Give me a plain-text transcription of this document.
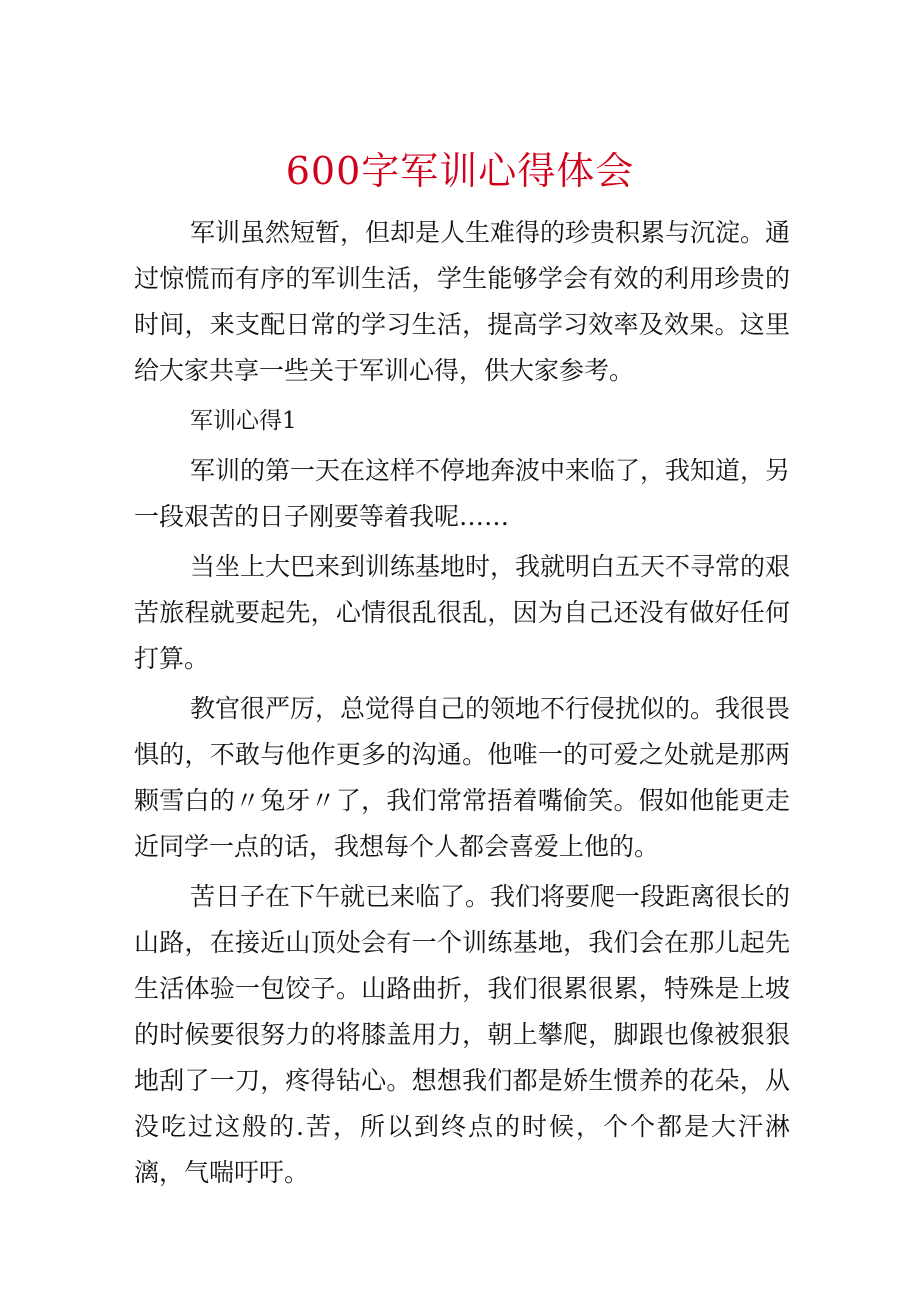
600字军训心得体会

军训虽然短暂，但却是人生难得的珍贵积累与沉淀。通过惊慌而有序的军训生活，学生能够学会有效的利用珍贵的时间，来支配日常的学习生活，提高学习效率及效果。这里给大家共享一些关于军训心得，供大家参考。

军训心得1

军训的第一天在这样不停地奔波中来临了，我知道，另一段艰苦的日子刚要等着我呢……

当坐上大巴来到训练基地时，我就明白五天不寻常的艰苦旅程就要起先，心情很乱很乱，因为自己还没有做好任何打算。

教官很严厉，总觉得自己的领地不行侵扰似的。我很畏惧的，不敢与他作更多的沟通。他唯一的可爱之处就是那两颗雪白的〃兔牙〃了，我们常常捂着嘴偷笑。假如他能更走近同学一点的话，我想每个人都会喜爱上他的。

苦日子在下午就已来临了。我们将要爬一段距离很长的山路，在接近山顶处会有一个训练基地，我们会在那儿起先生活体验一包饺子。山路曲折，我们很累很累，特殊是上坡的时候要很努力的将膝盖用力，朝上攀爬，脚跟也像被狠狠地刮了一刀，疼得钻心。想想我们都是娇生惯养的花朵，从没吃过这般的.苦，所以到终点的时候，个个都是大汗淋漓，气喘吁吁。
